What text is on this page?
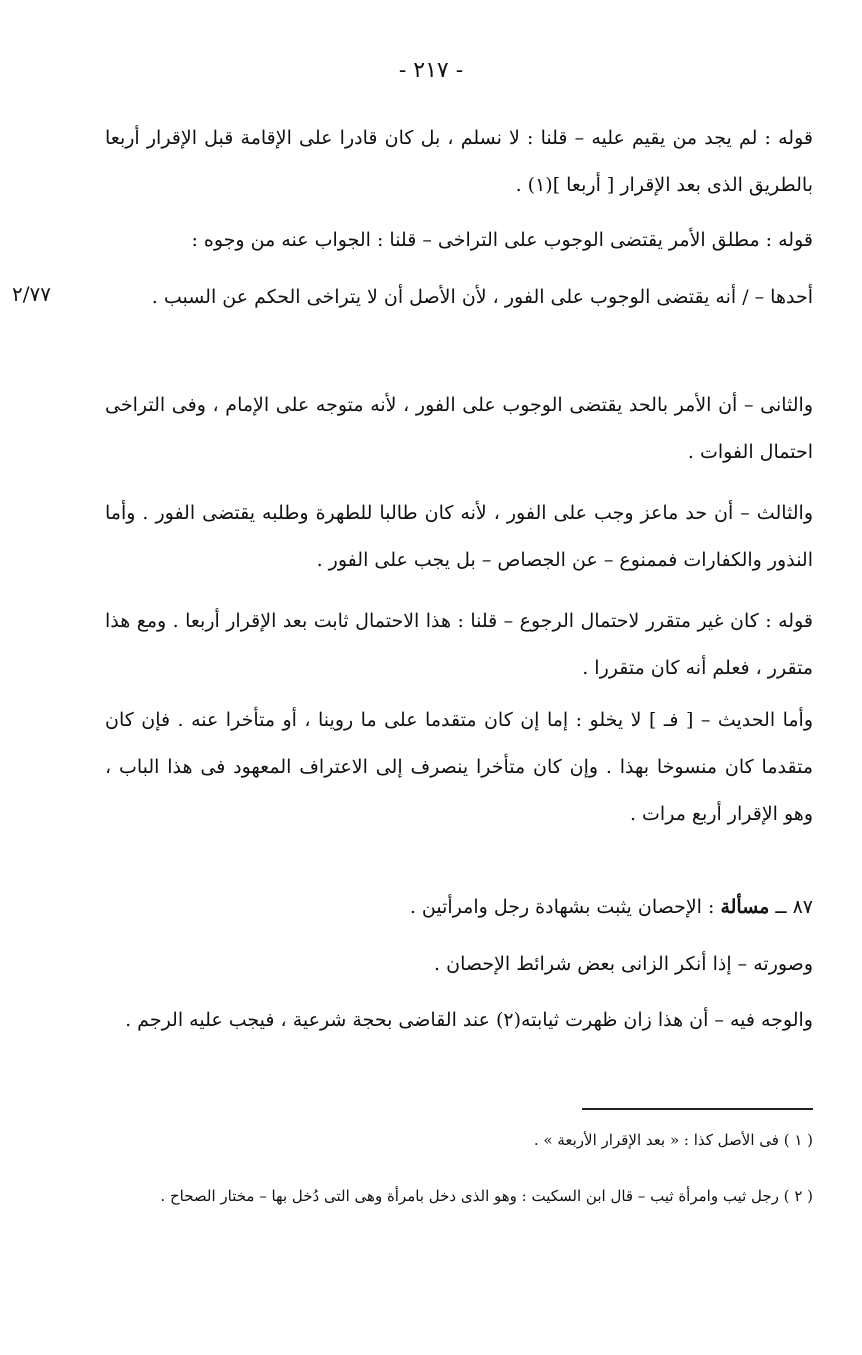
- ٢١٧ -
٢/٧٧
قوله : لم يجد من يقيم عليه – قلنا : لا نسلم ، بل كان قادرا على الإقامة قبل الإقرار أربعا بالطريق الذى بعد الإقرار [ أربعا ](١) .
قوله : مطلق الأمر يقتضى الوجوب على التراخى – قلنا : الجواب عنه من وجوه :
أحدها – / أنه يقتضى الوجوب على الفور ، لأن الأصل أن لا يتراخى الحكم عن السبب .
والثانى – أن الأمر بالحد يقتضى الوجوب على الفور ، لأنه متوجه على الإمام ، وفى التراخى احتمال الفوات .
والثالث – أن حد ماعز وجب على الفور ، لأنه كان طالبا للطهرة وطلبه يقتضى الفور . وأما النذور والكفارات فممنوع – عن الجصاص – بل يجب على الفور .
قوله : كان غير متقرر لاحتمال الرجوع – قلنا : هذا الاحتمال ثابت بعد الإقرار أربعا . ومع هذا متقرر ، فعلم أنه كان متقررا .
وأما الحديث – [ فـ ] لا يخلو : إما إن كان متقدما على ما روينا ، أو متأخرا عنه . فإن كان متقدما كان منسوخا بهذا . وإن كان متأخرا ينصرف إلى الاعتراف المعهود فى هذا الباب ، وهو الإقرار أربع مرات .
٨٧ ــ مسألة : الإحصان يثبت بشهادة رجل وامرأتين .
وصورته – إذا أنكر الزانى بعض شرائط الإحصان .
والوجه فيه – أن هذا زان ظهرت ثيابته(٢) عند القاضى بحجة شرعية ، فيجب عليه الرجم .
( ١ ) فى الأصل كذا : « بعد الإقرار الأربعة » .
( ٢ ) رجل ثيب وامرأة ثيب – قال ابن السكيت : وهو الذى دخل بامرأة وهى التى دُخل بها – مختار الصحاح .
